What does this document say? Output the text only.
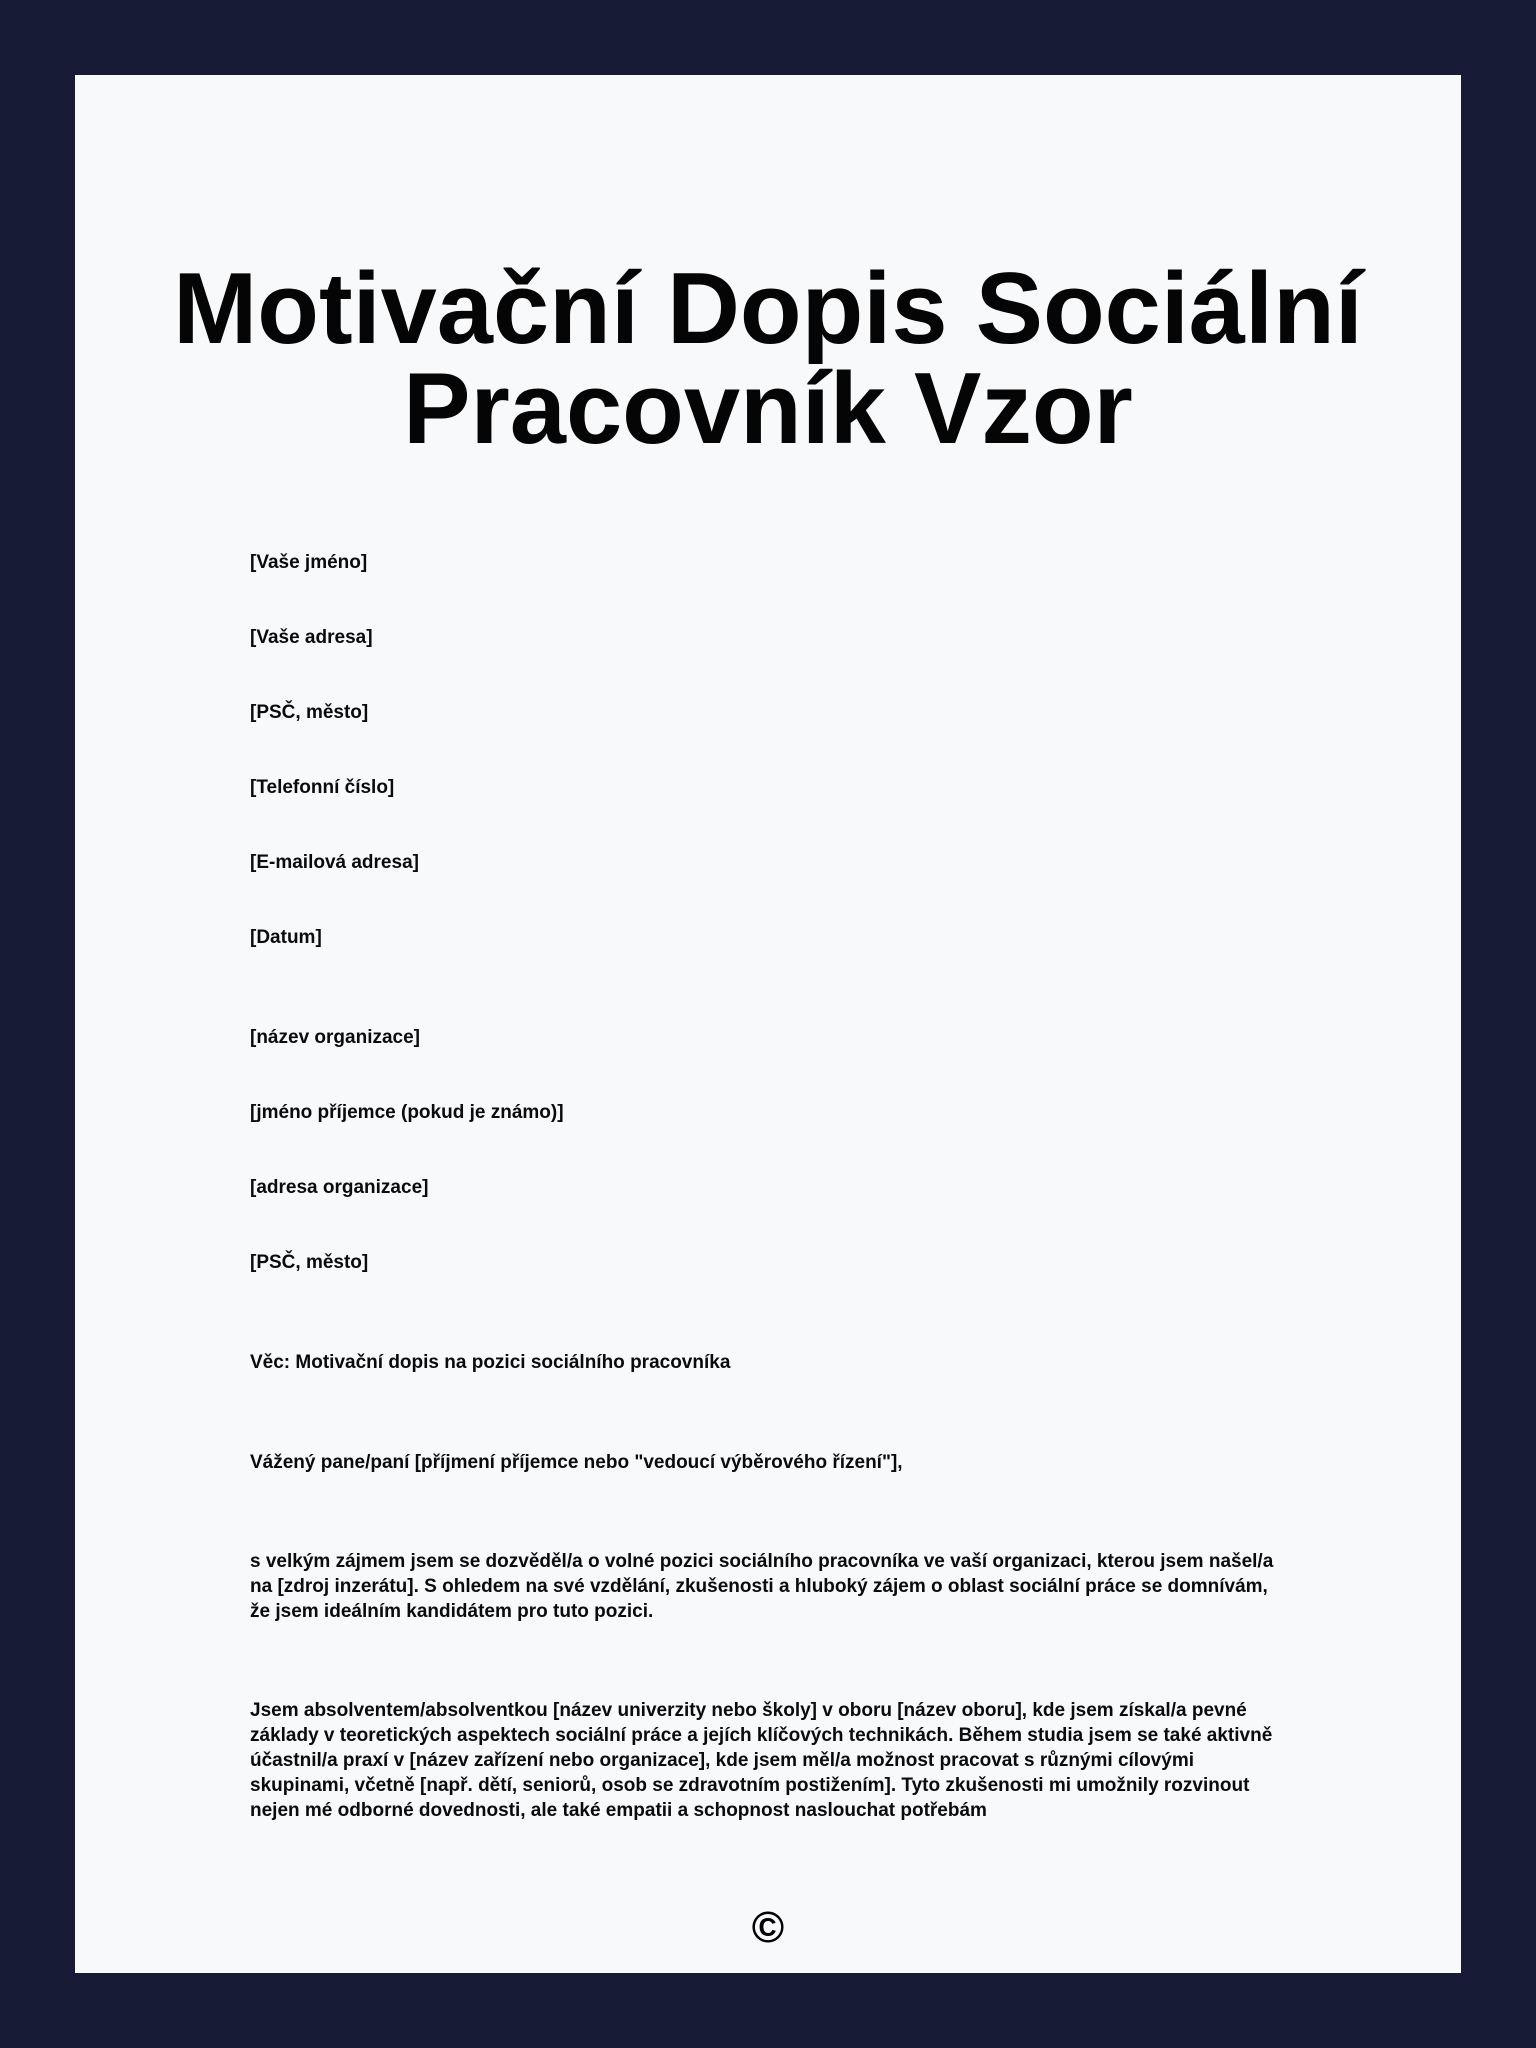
Motivační Dopis Sociální Pracovník Vzor

[Vaše jméno]

[Vaše adresa]

[PSČ, město]

[Telefonní číslo]

[E-mailová adresa]

[Datum]

[název organizace]

[jméno příjemce (pokud je známo)]

[adresa organizace]

[PSČ, město]

Věc: Motivační dopis na pozici sociálního pracovníka

Vážený pane/paní [příjmení příjemce nebo "vedoucí výběrového řízení"],

s velkým zájmem jsem se dozvěděl/a o volné pozici sociálního pracovníka ve vaší organizaci, kterou jsem našel/a na [zdroj inzerátu]. S ohledem na své vzdělání, zkušenosti a hluboký zájem o oblast sociální práce se domnívám, že jsem ideálním kandidátem pro tuto pozici.

Jsem absolventem/absolventkou [název univerzity nebo školy] v oboru [název oboru], kde jsem získal/a pevné základy v teoretických aspektech sociální práce a jejích klíčových technikách. Během studia jsem se také aktivně účastnil/a praxí v [název zařízení nebo organizace], kde jsem měl/a možnost pracovat s různými cílovými skupinami, včetně [např. dětí, seniorů, osob se zdravotním postižením]. Tyto zkušenosti mi umožnily rozvinout nejen mé odborné dovednosti, ale také empatii a schopnost naslouchat potřebám

©
